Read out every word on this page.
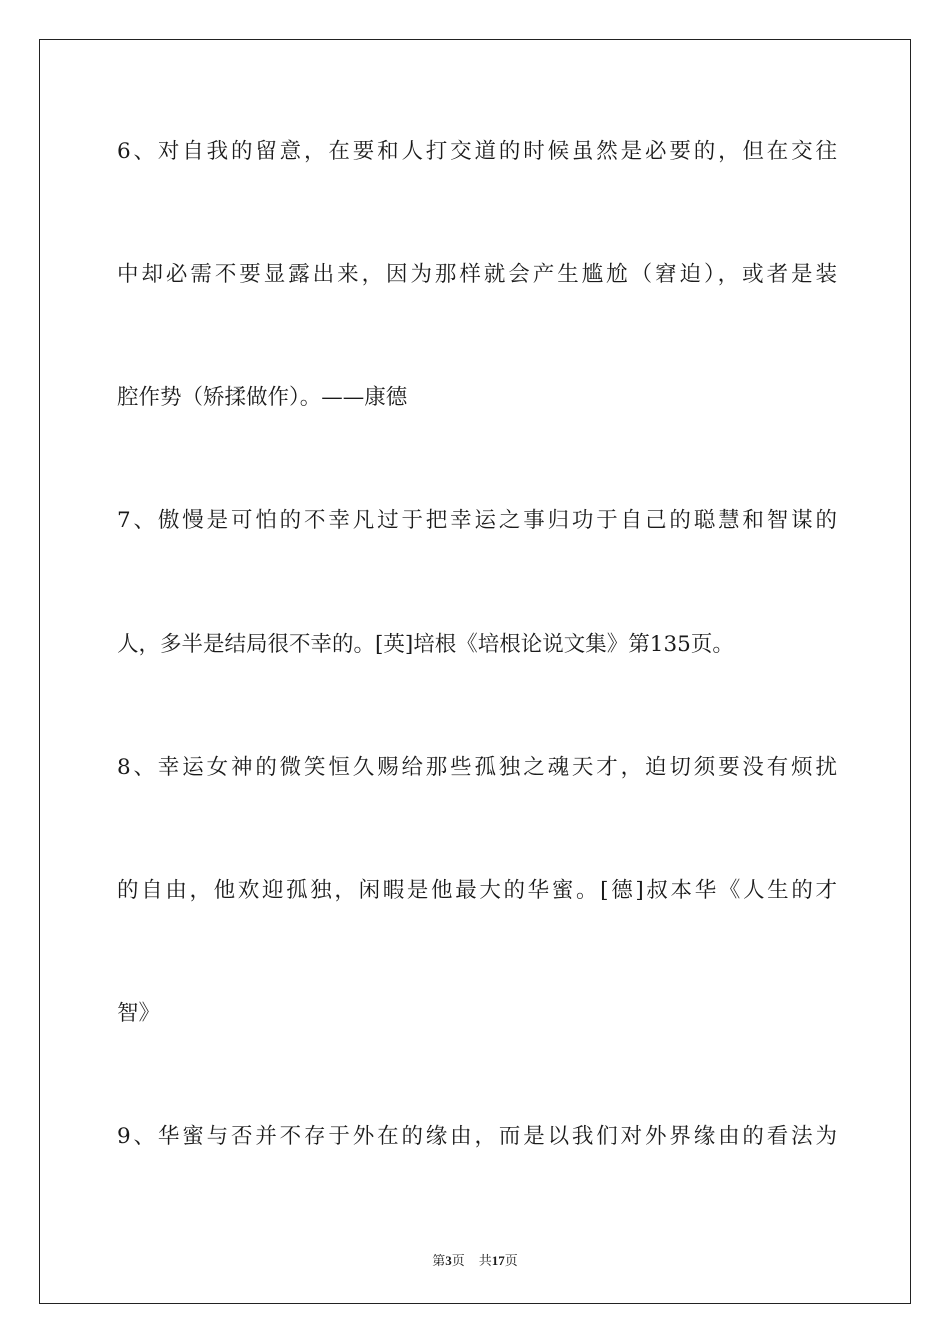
6、对自我的留意，在要和人打交道的时候虽然是必要的，但在交往

中却必需不要显露出来，因为那样就会产生尴尬（窘迫），或者是装

腔作势（矫揉做作）。——康德

7、傲慢是可怕的不幸凡过于把幸运之事归功于自己的聪慧和智谋的

人，多半是结局很不幸的。[英]培根《培根论说文集》第135页。

8、幸运女神的微笑恒久赐给那些孤独之魂天才，迫切须要没有烦扰

的自由，他欢迎孤独，闲暇是他最大的华蜜。[德]叔本华《人生的才

智》

9、华蜜与否并不存于外在的缘由，而是以我们对外界缘由的看法为

第3页 共17页
